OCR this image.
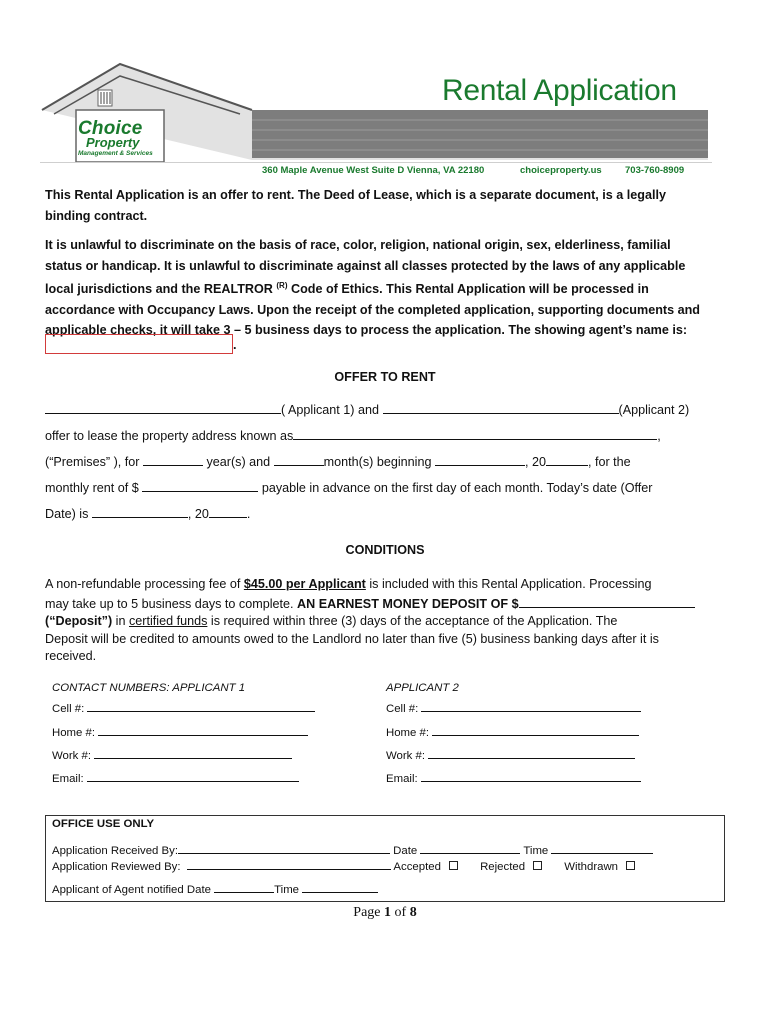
Choice
Property
Management & Services
Rental Application
360 Maple Avenue West Suite D Vienna, VA 22180	choiceproperty.us 703-760-8909
This Rental Application is an offer to rent. The Deed of Lease, which is a separate document, is a legally
binding contract.
It is unlawful to discriminate on the basis of race, color, religion, national origin, sex, elderliness, familial
status or handicap. It is unlawful to discriminate against all classes protected by the laws of any applicable
local jurisdictions and the REALTROR $^{(R)}$ Code of Ethics. This Rental Application will be processed in
accordance with Occupancy Laws. Upon the receipt of the completed application, supporting documents and
applicable checks, it will take 3 – 5 business days to process the application. The showing agent’s name is:
.
OFFER TO RENT
( Applicant 1) and	(Applicant 2)
offer to lease the property address known as	,
(“Premises” ), for	year(s) and	month(s) beginning	, 20	, for the
monthly rent of $	payable in advance on the first day of each month. Today’s date (Offer
Date) is	, 20	.
CONDITIONS
A non-refundable processing fee of $45.00 per Applicant is included with this Rental Application. Processing
may take up to 5 business days to complete. AN EARNEST MONEY DEPOSIT OF $
(“Deposit”) in certified funds is required within three (3) days of the acceptance of the Application. The
Deposit will be credited to amounts owed to the Landlord no later than five (5) business banking days after it is
received.
CONTACT NUMBERS: APPLICANT 1	APPLICANT 2
Cell #:	Cell #:
Home #:	Home #:
Work #:	Work #:
Email:	Email:
OFFICE USE ONLY
Application Received By:	Date	Time
Application Reviewed By:	Accepted	Rejected	Withdrawn
Applicant of Agent notified Date	Time
Page 1 of 8
